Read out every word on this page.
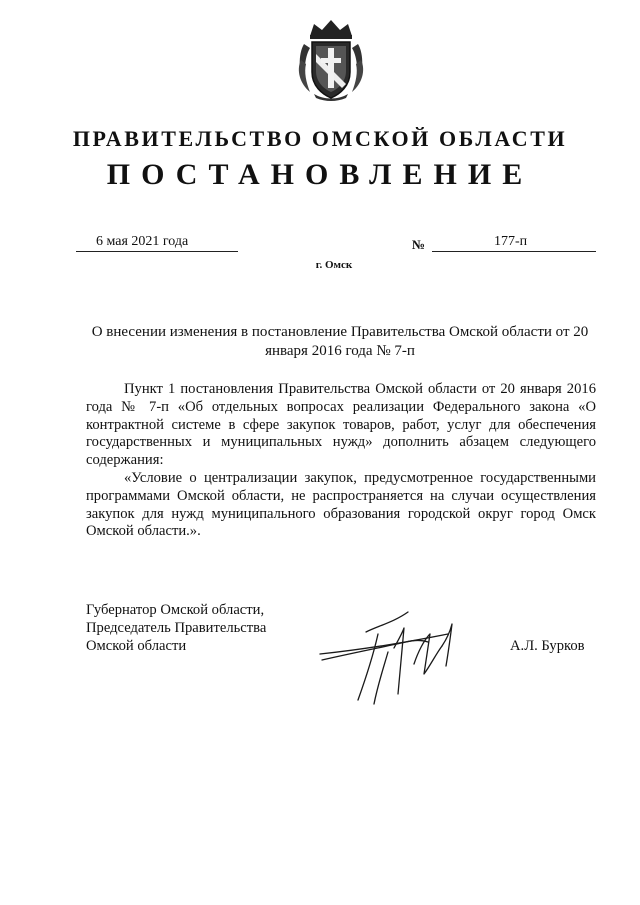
ПРАВИТЕЛЬСТВО ОМСКОЙ ОБЛАСТИ
ПОСТАНОВЛЕНИЕ
6 мая 2021 года	№	177-п
г. Омск
О внесении изменения в постановление Правительства Омской области от 20 января 2016 года № 7-п

Пункт 1 постановления Правительства Омской области от 20 января 2016 года № 7-п «Об отдельных вопросах реализации Федерального закона «О контрактной системе в сфере закупок товаров, работ, услуг для обеспечения государственных и муниципальных нужд» дополнить абзацем следующего содержания:

«Условие о централизации закупок, предусмотренное государственными программами Омской области, не распространяется на случаи осуществления закупок для нужд муниципального образования городской округ город Омск Омской области.».

Губернатор Омской области,
Председатель Правительства
Омской области	А.Л. Бурков
